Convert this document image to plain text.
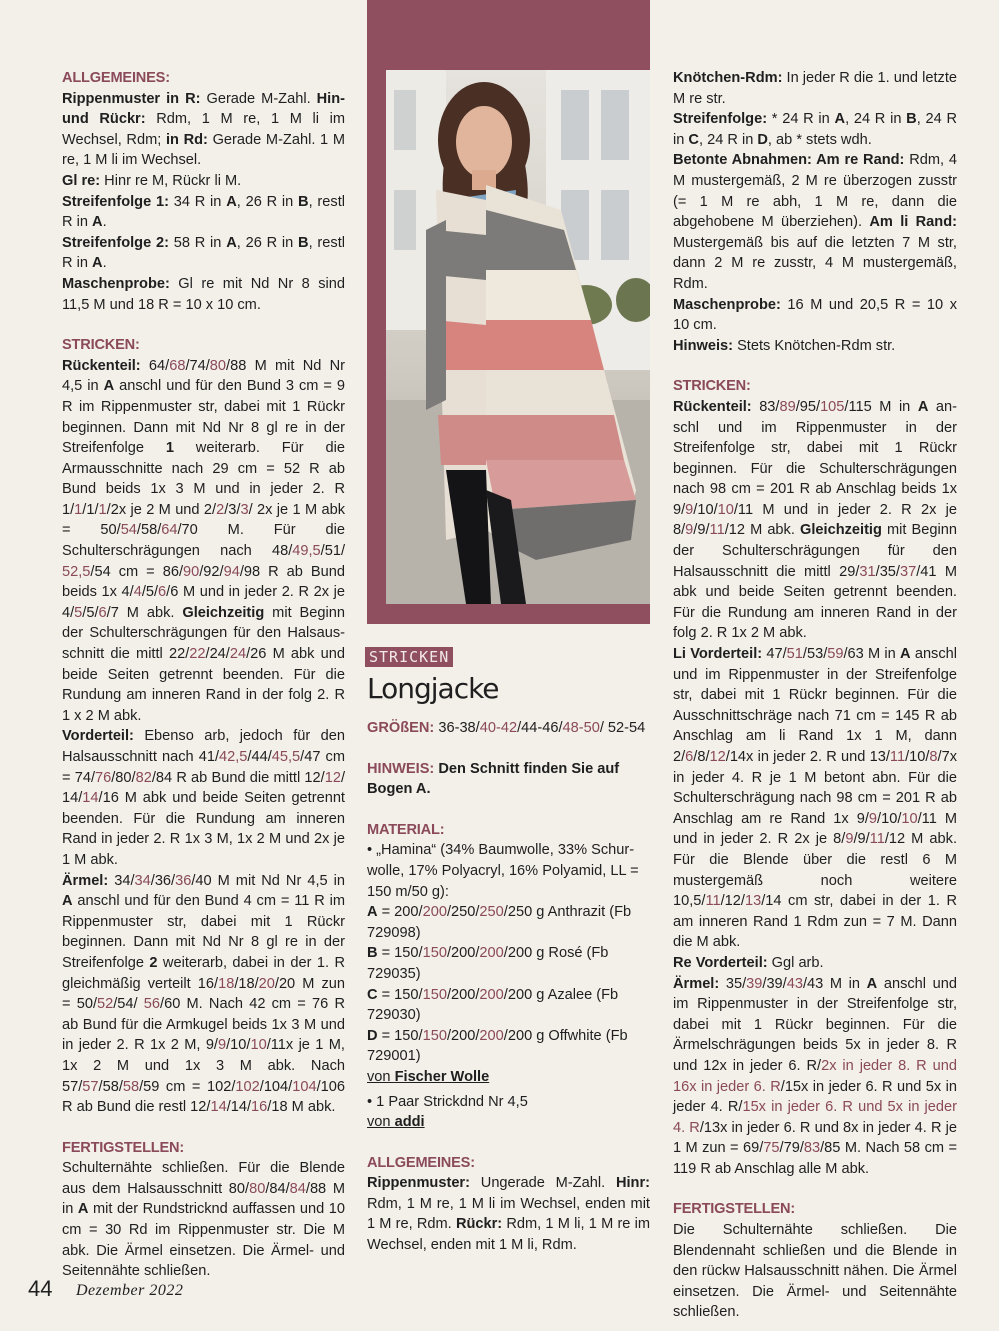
ALLGEMEINES:

Rippenmuster in R: Gerade M-Zahl. Hin- und Rückr: Rdm, 1 M re, 1 M li im Wechsel, Rdm; in Rd: Gerade M-Zahl. 1 M re, 1 M li im Wechsel.

Gl re: Hinr re M, Rückr li M.

Streifenfolge 1: 34 R in A, 26 R in B, restl R in A.

Streifenfolge 2: 58 R in A, 26 R in B, restl R in A.

Maschenprobe: Gl re mit Nd Nr 8 sind 11,5 M und 18 R = 10 x 10 cm.

STRICKEN:

Rückenteil: 64/68/74/80/88 M mit Nd Nr 4,5 in A anschl und für den Bund 3 cm = 9 R im Rippenmuster str, dabei mit 1 Rückr beginnen. Dann mit Nd Nr 8 gl re in der Streifenfolge 1 weiterarb. Für die Armausschnitte nach 29 cm = 52 R ab Bund beids 1x 3 M und in jeder 2. R 1/1/1/1/2x je 2 M und 2/2/3/3/ 2x je 1 M abk = 50/54/58/64/70 M. Für die Schulterschrägungen nach 48/49,5/51/ 52,5/54 cm = 86/90/92/94/98 R ab Bund beids 1x 4/4/5/6/6 M und in jeder 2. R 2x je 4/5/5/6/7 M abk. Gleichzeitig mit Beginn der Schulterschrägungen für den Halsausschnitt die mittl 22/22/24/24/26 M abk und beide Seiten getrennt beenden. Für die Rundung am inneren Rand in der folg 2. R 1 x 2 M abk.

Vorderteil: Ebenso arb, jedoch für den Halsausschnitt nach 41/42,5/44/45,5/47 cm = 74/76/80/82/84 R ab Bund die mittl 12/12/ 14/14/16 M abk und beide Seiten getrennt beenden. Für die Rundung am inneren Rand in jeder 2. R 1x 3 M, 1x 2 M und 2x je 1 M abk.

Ärmel: 34/34/36/36/40 M mit Nd Nr 4,5 in A anschl und für den Bund 4 cm = 11 R im Rippenmuster str, dabei mit 1 Rückr beginnen. Dann mit Nd Nr 8 gl re in der Streifenfolge 2 weiterarb, dabei in der 1. R gleichmäßig verteilt 16/18/18/20/20 M zun = 50/52/54/ 56/60 M. Nach 42 cm = 76 R ab Bund für die Armkugel beids 1x 3 M und in jeder 2. R 1x 2 M, 9/9/10/10/11x je 1 M, 1x 2 M und 1x 3 M abk. Nach 57/57/58/58/59 cm = 102/102/104/104/106 R ab Bund die restl 12/14/14/16/18 M abk.

FERTIGSTELLEN:

Schulternähte schließen. Für die Blende aus dem Halsausschnitt 80/80/84/84/88 M in A mit der Rundstricknd auffassen und 10 cm = 30 Rd im Rippenmuster str. Die M abk. Die Ärmel einsetzen. Die Ärmel- und Seitennähte schließen.

STRICKEN
Longjacke

GRÖßEN: 36-38/40-42/44-46/48-50/ 52-54

HINWEIS: Den Schnitt finden Sie auf Bogen A.

MATERIAL:

• „Hamina“ (34% Baumwolle, 33% Schurwolle, 17% Polyacryl, 16% Polyamid, LL = 150 m/50 g):

A = 200/200/250/250/250 g Anthrazit (Fb 729098)

B = 150/150/200/200/200 g Rosé (Fb 729035)

C = 150/150/200/200/200 g Azalee (Fb 729030)

D = 150/150/200/200/200 g Offwhite (Fb 729001)

von Fischer Wolle

• 1 Paar Strickdnd Nr 4,5

von addi

ALLGEMEINES:

Rippenmuster: Ungerade M-Zahl. Hinr: Rdm, 1 M re, 1 M li im Wechsel, enden mit 1 M re, Rdm. Rückr: Rdm, 1 M li, 1 M re im Wechsel, enden mit 1 M li, Rdm.

Knötchen-Rdm: In jeder R die 1. und letzte M re str.

Streifenfolge: * 24 R in A, 24 R in B, 24 R in C, 24 R in D, ab * stets wdh.

Betonte Abnahmen: Am re Rand: Rdm, 4 M mustergemäß, 2 M re überzogen zusstr (= 1 M re abh, 1 M re, dann die abgehobene M überziehen). Am li Rand: Mustergemäß bis auf die letzten 7 M str, dann 2 M re zusstr, 4 M mustergemäß, Rdm.

Maschenprobe: 16 M und 20,5 R = 10 x 10 cm.

Hinweis: Stets Knötchen-Rdm str.

STRICKEN:

Rückenteil: 83/89/95/105/115 M in A anschl und im Rippenmuster in der Streifenfolge str, dabei mit 1 Rückr beginnen. Für die Schulterschrägungen nach 98 cm = 201 R ab Anschlag beids 1x 9/9/10/10/11 M und in jeder 2. R 2x je 8/9/9/11/12 M abk. Gleichzeitig mit Beginn der Schulterschrägungen für den Halsausschnitt die mittl 29/31/35/37/41 M abk und beide Seiten getrennt beenden. Für die Rundung am inneren Rand in der folg 2. R 1x 2 M abk.

Li Vorderteil: 47/51/53/59/63 M in A anschl und im Rippenmuster in der Streifenfolge str, dabei mit 1 Rückr beginnen. Für die Ausschnittschräge nach 71 cm = 145 R ab Anschlag am li Rand 1x 1 M, dann 2/6/8/12/14x in jeder 2. R und 13/11/10/8/7x in jeder 4. R je 1 M betont abn. Für die Schulterschrägung nach 98 cm = 201 R ab Anschlag am re Rand 1x 9/9/10/10/11 M und in jeder 2. R 2x je 8/9/9/11/12 M abk. Für die Blende über die restl 6 M mustergemäß noch weitere 10,5/11/12/13/14 cm str, dabei in der 1. R am inneren Rand 1 Rdm zun = 7 M. Dann die M abk.

Re Vorderteil: Ggl arb.

Ärmel: 35/39/39/43/43 M in A anschl und im Rippenmuster in der Streifenfolge str, dabei mit 1 Rückr beginnen. Für die Ärmelschrägungen beids 5x in jeder 8. R und 12x in jeder 6. R/2x in jeder 8. R und 16x in jeder 6. R/15x in jeder 6. R und 5x in jeder 4. R/15x in jeder 6. R und 5x in jeder 4. R/13x in jeder 6. R und 8x in jeder 4. R je 1 M zun = 69/75/79/83/85 M. Nach 58 cm = 119 R ab Anschlag alle M abk.

FERTIGSTELLEN:

Die Schulternähte schließen. Die Blendennaht schließen und die Blende in den rückw Halsausschnitt nähen. Die Ärmel einsetzen. Die Ärmel- und Seitennähte schließen.

44 Dezember 2022
